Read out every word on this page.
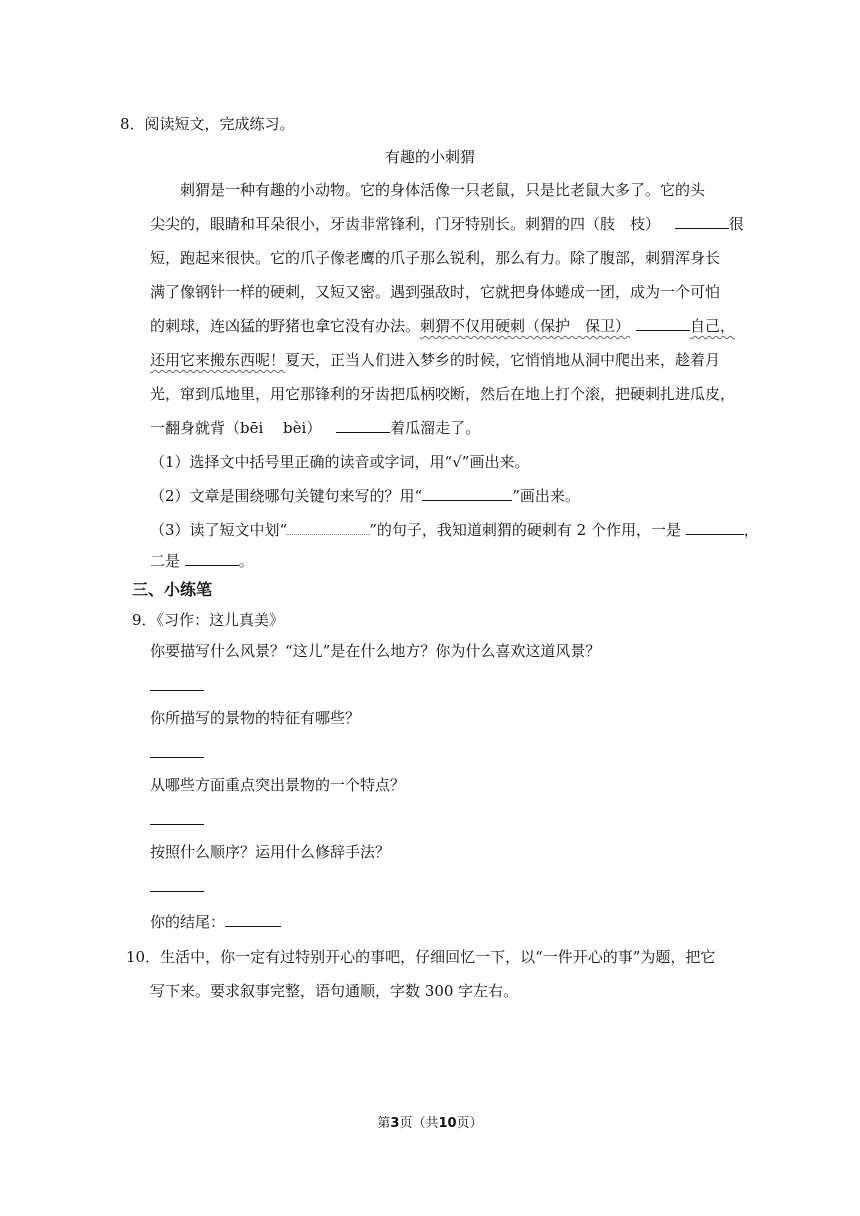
8．阅读短文，完成练习。
有趣的小刺猬
刺猬是一种有趣的小动物。它的身体活像一只老鼠，只是比老鼠大多了。它的头
尖尖的，眼睛和耳朵很小，牙齿非常锋利，门牙特别长。刺猬的四（肢　枝）	很
短，跑起来很快。它的爪子像老鹰的爪子那么锐利，那么有力。除了腹部，刺猬浑身长
满了像钢针一样的硬刺，又短又密。遇到强敌时，它就把身体蜷成一团，成为一个可怕
的刺球，连凶猛的野猪也拿它没有办法。刺猬不仅用硬刺（保护　保卫）	自己，
还用它来搬东西呢！夏天，正当人们进入梦乡的时候，它悄悄地从洞中爬出来，趁着月
光，窜到瓜地里，用它那锋利的牙齿把瓜柄咬断，然后在地上打个滚，把硬刺扎进瓜皮，
一翻身就背（bēi　 bèi）	着瓜溜走了。
（1）选择文中括号里正确的读音或字词，用“√”画出来。
（2）文章是围绕哪句关键句来写的？用“	”画出来。
（3）读了短文中划“	”的句子，我知道刺猬的硬刺有 2 个作用，一是	，
二是	。
三、小练笔
9．《习作：这儿真美》
你要描写什么风景？“这儿”是在什么地方？你为什么喜欢这道风景？
你所描写的景物的特征有哪些？
从哪些方面重点突出景物的一个特点？
按照什么顺序？运用什么修辞手法？
你的结尾：
10．生活中，你一定有过特别开心的事吧，仔细回忆一下，以“一件开心的事”为题，把它
写下来。要求叙事完整，语句通顺，字数 300 字左右。
第3页（共10页）
